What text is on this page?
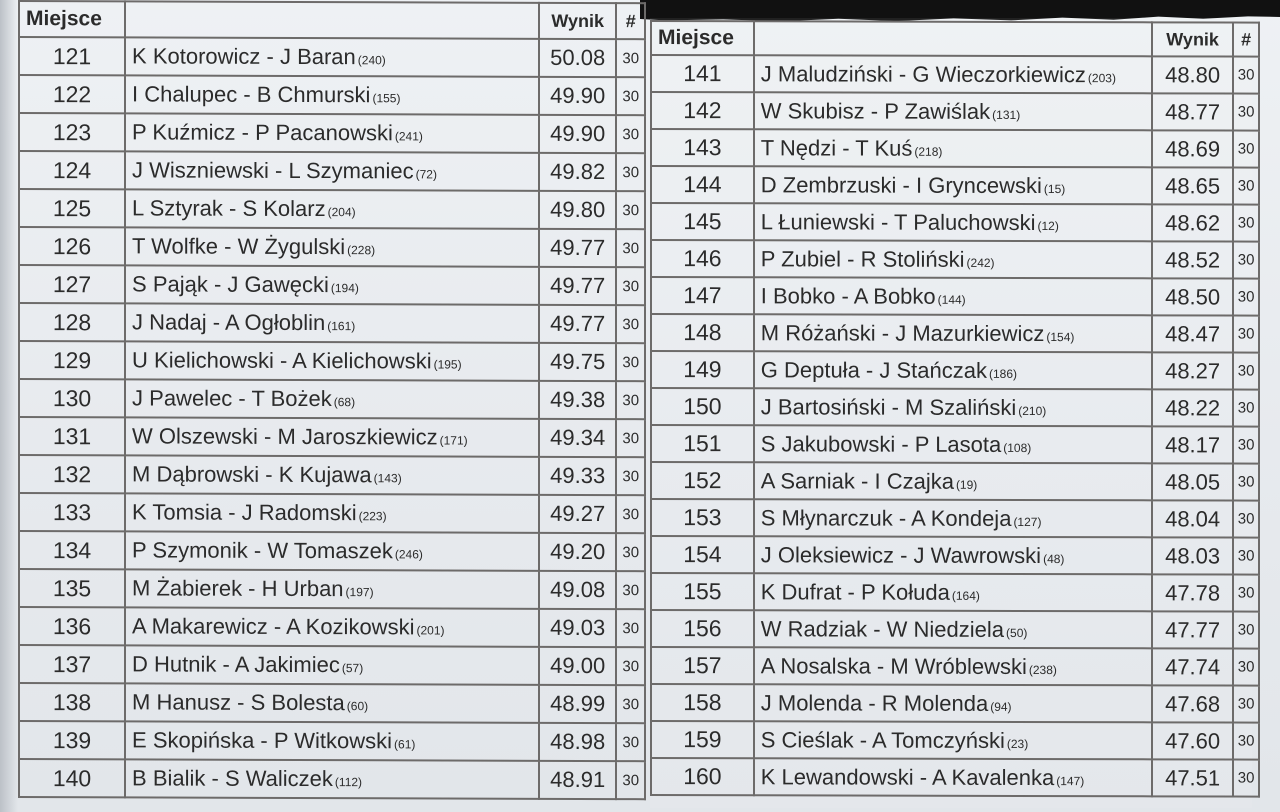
Miejsce		Wynik	#
121	K Kotorowicz - J Baran (240)	50.08	30
122	I Chalupec - B Chmurski (155)	49.90	30
123	P Kuźmicz - P Pacanowski (241)	49.90	30
124	J Wiszniewski - L Szymaniec (72)	49.82	30
125	L Sztyrak - S Kolarz (204)	49.80	30
126	T Wolfke - W Żygulski (228)	49.77	30
127	S Pająk - J Gawęcki (194)	49.77	30
128	J Nadaj - A Ogłoblin (161)	49.77	30
129	U Kielichowski - A Kielichowski (195)	49.75	30
130	J Pawelec - T Bożek (68)	49.38	30
131	W Olszewski - M Jaroszkiewicz (171)	49.34	30
132	M Dąbrowski - K Kujawa (143)	49.33	30
133	K Tomsia - J Radomski (223)	49.27	30
134	P Szymonik - W Tomaszek (246)	49.20	30
135	M Żabierek - H Urban (197)	49.08	30
136	A Makarewicz - A Kozikowski (201)	49.03	30
137	D Hutnik - A Jakimiec (57)	49.00	30
138	M Hanusz - S Bolesta (60)	48.99	30
139	E Skopińska - P Witkowski (61)	48.98	30
140	B Bialik - S Waliczek (112)	48.91	30
Miejsce		Wynik	#
141	J Maludziński - G Wieczorkiewicz (203)	48.80	30
142	W Skubisz - P Zawiślak (131)	48.77	30
143	T Nędzi - T Kuś (218)	48.69	30
144	D Zembrzuski - I Gryncewski (15)	48.65	30
145	L Łuniewski - T Paluchowski (12)	48.62	30
146	P Zubiel - R Stoliński (242)	48.52	30
147	I Bobko - A Bobko (144)	48.50	30
148	M Różański - J Mazurkiewicz (154)	48.47	30
149	G Deptuła - J Stańczak (186)	48.27	30
150	J Bartosiński - M Szaliński (210)	48.22	30
151	S Jakubowski - P Lasota (108)	48.17	30
152	A Sarniak - I Czajka (19)	48.05	30
153	S Młynarczuk - A Kondeja (127)	48.04	30
154	J Oleksiewicz - J Wawrowski (48)	48.03	30
155	K Dufrat - P Kołuda (164)	47.78	30
156	W Radziak - W Niedziela (50)	47.77	30
157	A Nosalska - M Wróblewski (238)	47.74	30
158	J Molenda - R Molenda (94)	47.68	30
159	S Cieślak - A Tomczyński (23)	47.60	30
160	K Lewandowski - A Kavalenka (147)	47.51	30
